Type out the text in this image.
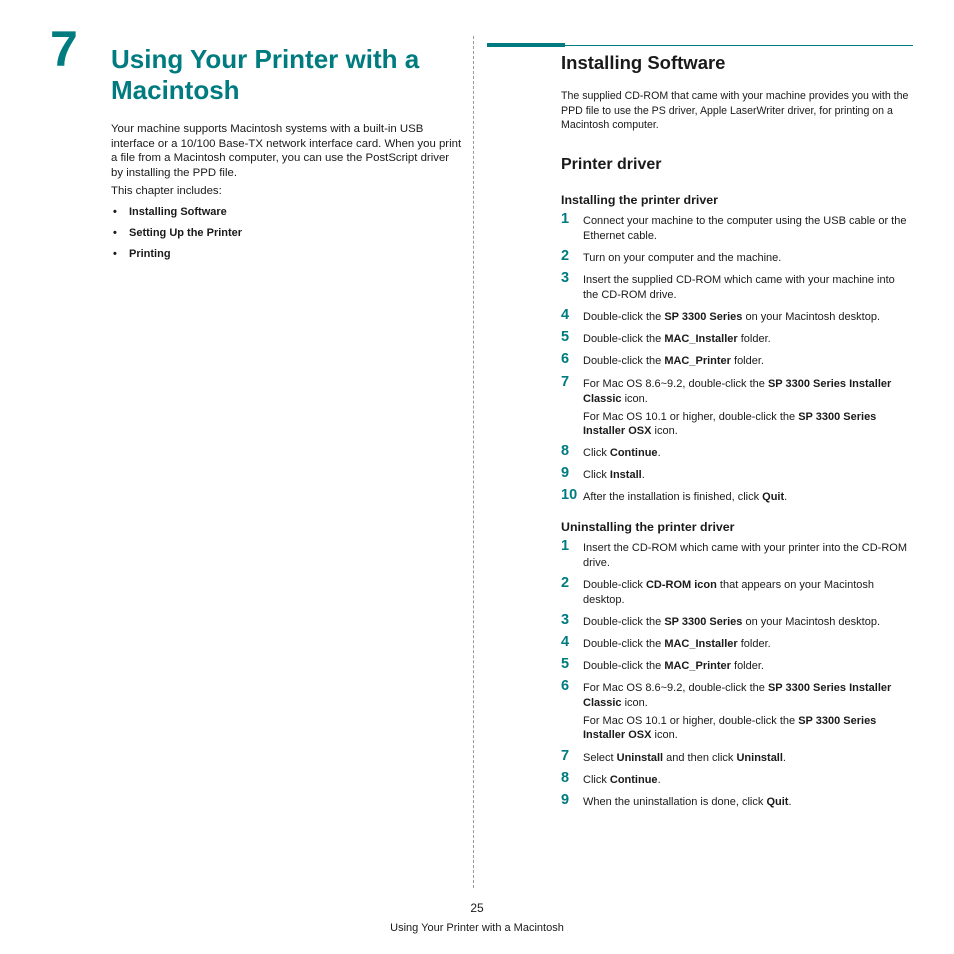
7 Using Your Printer with a Macintosh

Your machine supports Macintosh systems with a built-in USB interface or a 10/100 Base-TX network interface card. When you print a file from a Macintosh computer, you can use the PostScript driver by installing the PPD file.

This chapter includes:

• Installing Software
• Setting Up the Printer
• Printing
Installing Software

The supplied CD-ROM that came with your machine provides you with the PPD file to use the PS driver, Apple LaserWriter driver, for printing on a Macintosh computer.

Printer driver
Installing the printer driver
1 Connect your machine to the computer using the USB cable or the Ethernet cable.

2 Turn on your computer and the machine.

3 Insert the supplied CD-ROM which came with your machine into the CD-ROM drive.

4 Double-click the SP 3300 Series on your Macintosh desktop.

5 Double-click the MAC_Installer folder.

6 Double-click the MAC_Printer folder.

7 For Mac OS 8.6~9.2, double-click the SP 3300 Series Installer Classic icon.

For Mac OS 10.1 or higher, double-click the SP 3300 Series Installer OSX icon.

8 Click Continue.

9 Click Install.

10 After the installation is finished, click Quit.

Uninstalling the printer driver
1 Insert the CD-ROM which came with your printer into the CD-ROM drive.

2 Double-click CD-ROM icon that appears on your Macintosh desktop.

3 Double-click the SP 3300 Series on your Macintosh desktop.

4 Double-click the MAC_Installer folder.

5 Double-click the MAC_Printer folder.

6 For Mac OS 8.6~9.2, double-click the SP 3300 Series Installer Classic icon.

For Mac OS 10.1 or higher, double-click the SP 3300 Series Installer OSX icon.

7 Select Uninstall and then click Uninstall.

8 Click Continue.

9 When the uninstallation is done, click Quit.

25
Using Your Printer with a Macintosh
